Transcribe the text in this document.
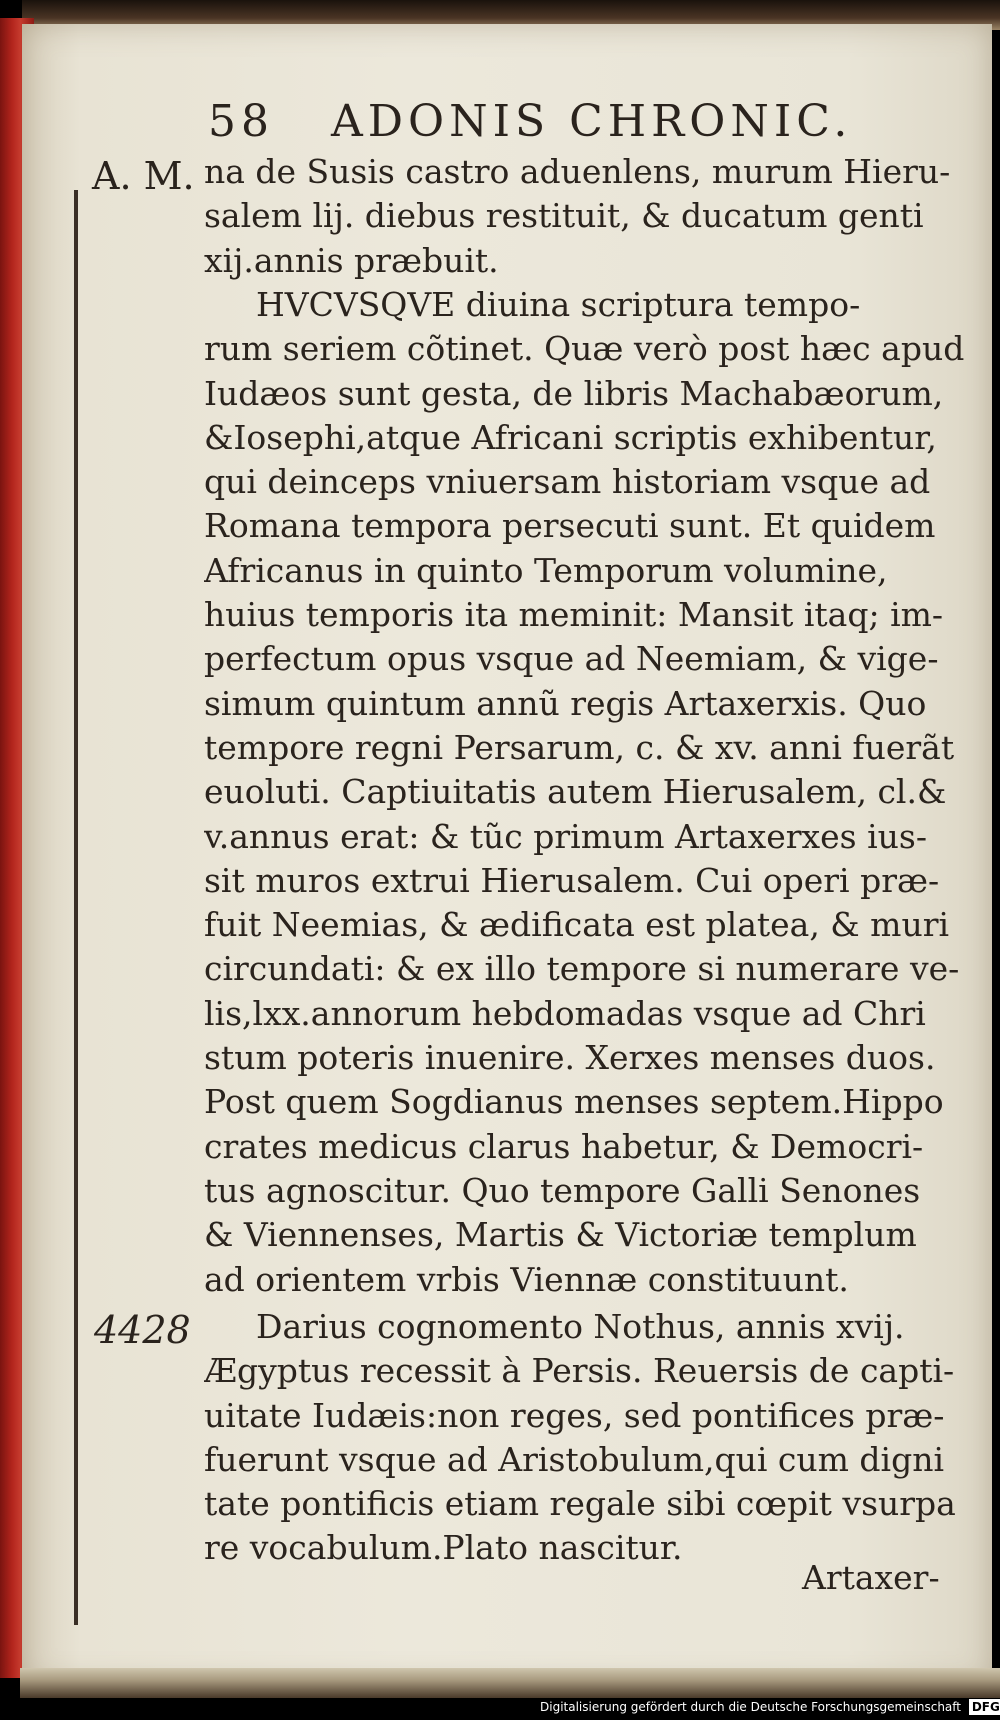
58 ADONIS CHRONIC.
A. M.
4428
na de Susis castro aduenlens, murum Hieru-
salem lij. diebus restituit, & ducatum genti
xij.annis præbuit.
HVCVSQVE diuina scriptura tempo-
rum seriem cõtinet. Quæ verò post hæc apud
Iudæos sunt gesta, de libris Machabæorum,
&Iosephi,atque Africani scriptis exhibentur,
qui deinceps vniuersam historiam vsque ad
Romana tempora persecuti sunt. Et quidem
Africanus in quinto Temporum volumine,
huius temporis ita meminit: Mansit itaq; im-
perfectum opus vsque ad Neemiam, & vige-
simum quintum annũ regis Artaxerxis. Quo
tempore regni Persarum, c. & xv. anni fuerãt
euoluti. Captiuitatis autem Hierusalem, cl.&
v.annus erat: & tũc primum Artaxerxes ius-
sit muros extrui Hierusalem. Cui operi præ-
fuit Neemias, & ædificata est platea, & muri
circundati: & ex illo tempore si numerare ve-
lis,lxx.annorum hebdomadas vsque ad Chri
stum poteris inuenire. Xerxes menses duos.
Post quem Sogdianus menses septem.Hippo
crates medicus clarus habetur, & Democri-
tus agnoscitur. Quo tempore Galli Senones
& Viennenses, Martis & Victoriæ templum
ad orientem vrbis Viennæ constituunt.
Darius cognomento Nothus, annis xvij.
Ægyptus recessit à Persis. Reuersis de capti-
uitate Iudæis:non reges, sed pontifices præ-
fuerunt vsque ad Aristobulum,qui cum digni
tate pontificis etiam regale sibi cœpit vsurpa
re vocabulum.Plato nascitur.
Artaxer-
Digitalisierung gefördert durch die Deutsche Forschungsgemeinschaft DFG
